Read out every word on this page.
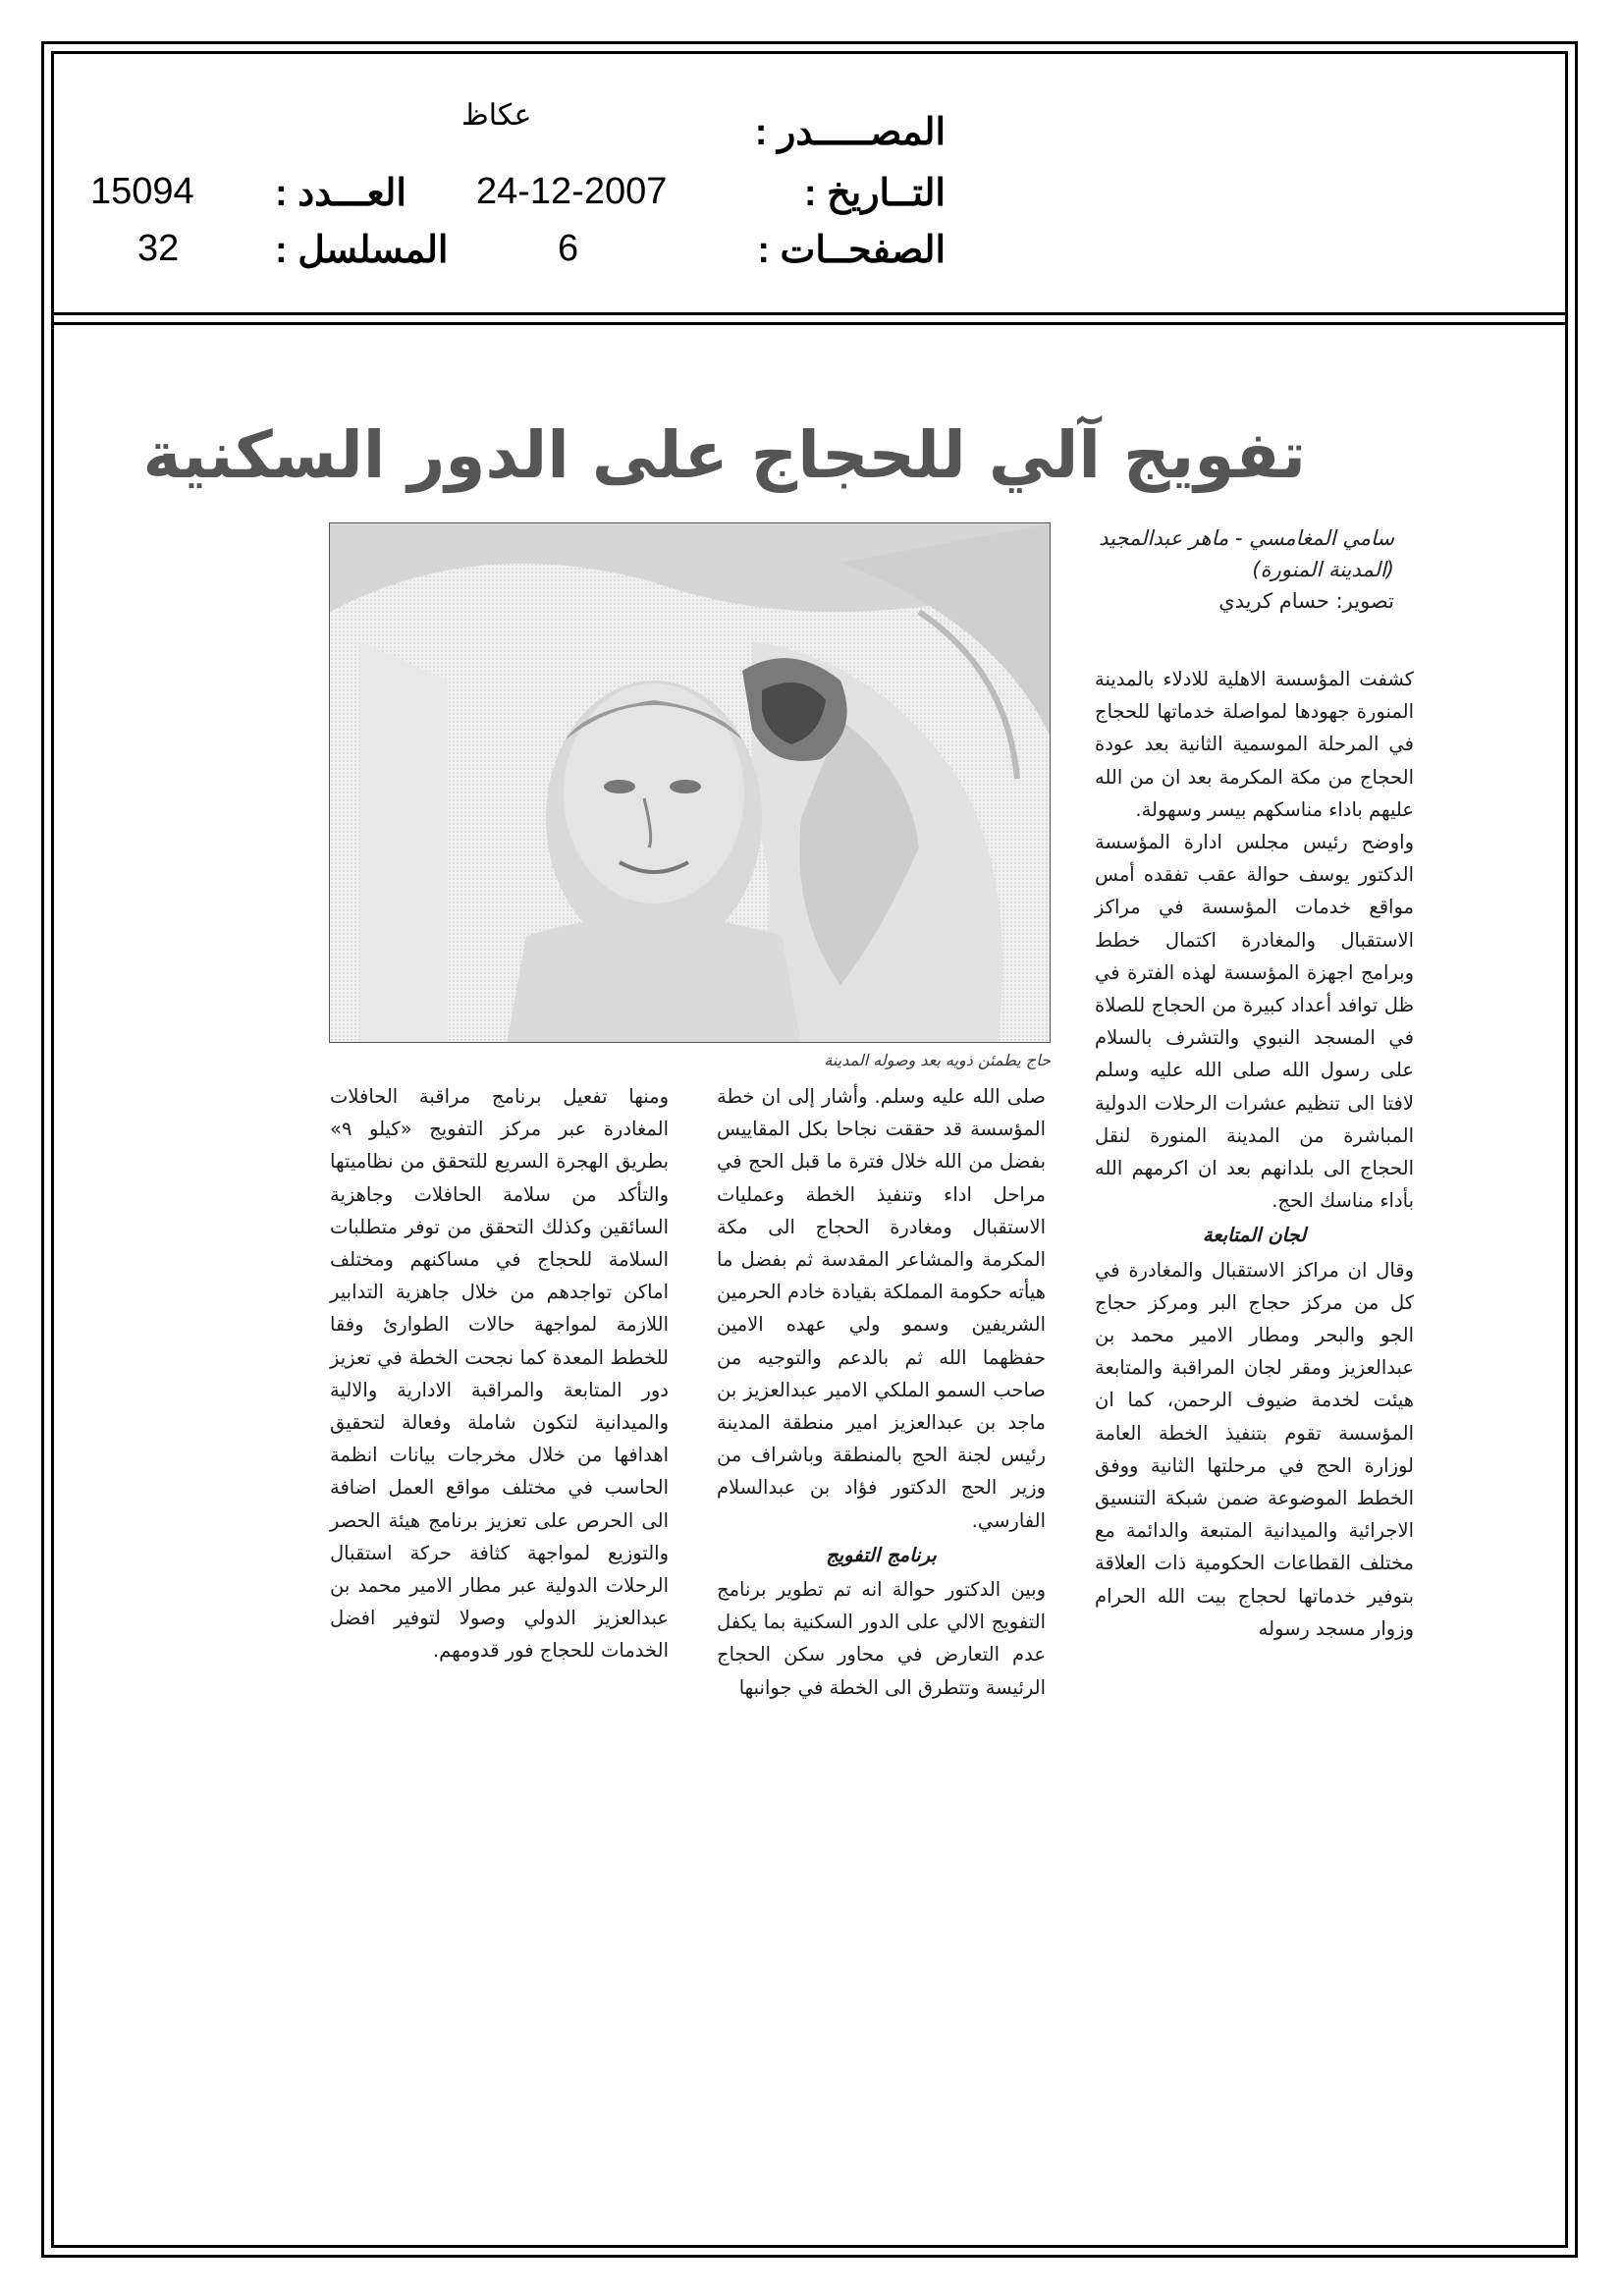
عكاظ	المصـــــدر :
15094 العـــدد : 24-12-2007	التــاريخ :
32	المسلسل :	6	الصفحــات :
تفويج آلي للحجاج على الدور السكنية
سامي المغامسي - ماهر عبدالمجيد
(المدينة المنورة)
تصوير: حسام كريدي
حاج يطمئن ذويه بعد وصوله المدينة

كشفت المؤسسة الاهلية للادلاء بالمدينة المنورة جهودها لمواصلة خدماتها للحجاج في المرحلة الموسمية الثانية بعد عودة الحجاج من مكة المكرمة بعد ان من الله عليهم باداء مناسكهم بيسر وسهولة.

واوضح رئيس مجلس ادارة المؤسسة الدكتور يوسف حوالة عقب تفقده أمس مواقع خدمات المؤسسة في مراكز الاستقبال والمغادرة اكتمال خطط وبرامج اجهزة المؤسسة لهذه الفترة في ظل توافد أعداد كبيرة من الحجاج للصلاة في المسجد النبوي والتشرف بالسلام على رسول الله صلى الله عليه وسلم لافتا الى تنظيم عشرات الرحلات الدولية المباشرة من المدينة المنورة لنقل الحجاج الى بلدانهم بعد ان اكرمهم الله بأداء مناسك الحج.

لجان المتابعة

وقال ان مراكز الاستقبال والمغادرة في كل من مركز حجاج البر ومركز حجاج الجو والبحر ومطار الامير محمد بن عبدالعزيز ومقر لجان المراقبة والمتابعة هيئت لخدمة ضيوف الرحمن، كما ان المؤسسة تقوم بتنفيذ الخطة العامة لوزارة الحج في مرحلتها الثانية ووفق الخطط الموضوعة ضمن شبكة التنسيق الاجرائية والميدانية المتبعة والدائمة مع مختلف القطاعات الحكومية ذات العلاقة بتوفير خدماتها لحجاج بيت الله الحرام وزوار مسجد رسوله

صلى الله عليه وسلم. وأشار إلى ان خطة المؤسسة قد حققت نجاحا بكل المقاييس بفضل من الله خلال فترة ما قبل الحج في مراحل اداء وتنفيذ الخطة وعمليات الاستقبال ومغادرة الحجاج الى مكة المكرمة والمشاعر المقدسة ثم بفضل ما هيأته حكومة المملكة بقيادة خادم الحرمين الشريفين وسمو ولي عهده الامين حفظهما الله ثم بالدعم والتوجيه من صاحب السمو الملكي الامير عبدالعزيز بن ماجد بن عبدالعزيز امير منطقة المدينة رئيس لجنة الحج بالمنطقة وباشراف من وزير الحج الدكتور فؤاد بن عبدالسلام الفارسي.

برنامج التفويج

وبين الدكتور حوالة انه تم تطوير برنامج التفويج الالي على الدور السكنية بما يكفل عدم التعارض في محاور سكن الحجاج الرئيسة وتتطرق الى الخطة في جوانبها

ومنها تفعيل برنامج مراقبة الحافلات المغادرة عبر مركز التفويج «كيلو ٩» بطريق الهجرة السريع للتحقق من نظاميتها والتأكد من سلامة الحافلات وجاهزية السائقين وكذلك التحقق من توفر متطلبات السلامة للحجاج في مساكنهم ومختلف اماكن تواجدهم من خلال جاهزية التدابير اللازمة لمواجهة حالات الطوارئ وفقا للخطط المعدة كما نجحت الخطة في تعزيز دور المتابعة والمراقبة الادارية والالية والميدانية لتكون شاملة وفعالة لتحقيق اهدافها من خلال مخرجات بيانات انظمة الحاسب في مختلف مواقع العمل اضافة الى الحرص على تعزيز برنامج هيئة الحصر والتوزيع لمواجهة كثافة حركة استقبال الرحلات الدولية عبر مطار الامير محمد بن عبدالعزيز الدولي وصولا لتوفير افضل الخدمات للحجاج فور قدومهم.
